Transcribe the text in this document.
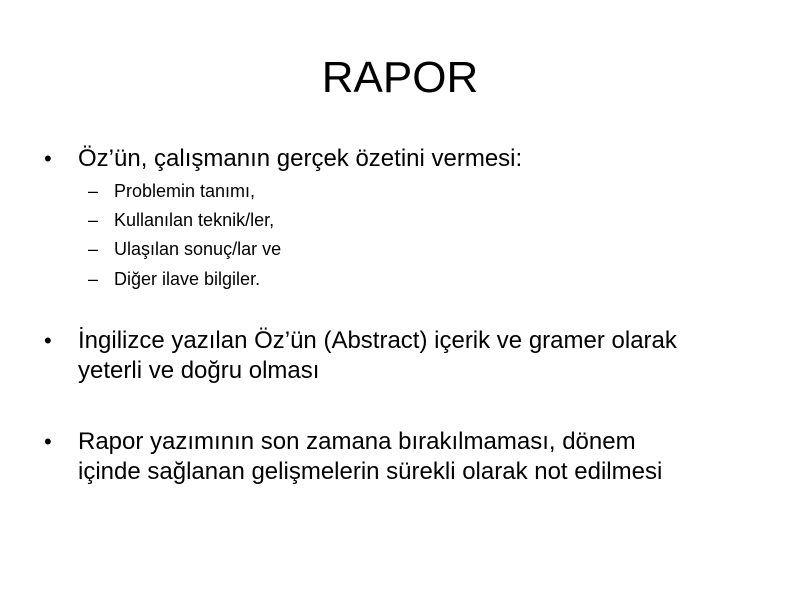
RAPOR
• Öz’ün, çalışmanın gerçek özetini vermesi:
– Problemin tanımı,
– Kullanılan teknik/ler,
– Ulaşılan sonuç/lar ve
– Diğer ilave bilgiler.
• İngilizce yazılan Öz’ün (Abstract) içerik ve gramer olarak
yeterli ve doğru olması
• Rapor yazımının son zamana bırakılmaması, dönem
içinde sağlanan gelişmelerin sürekli olarak not edilmesi
